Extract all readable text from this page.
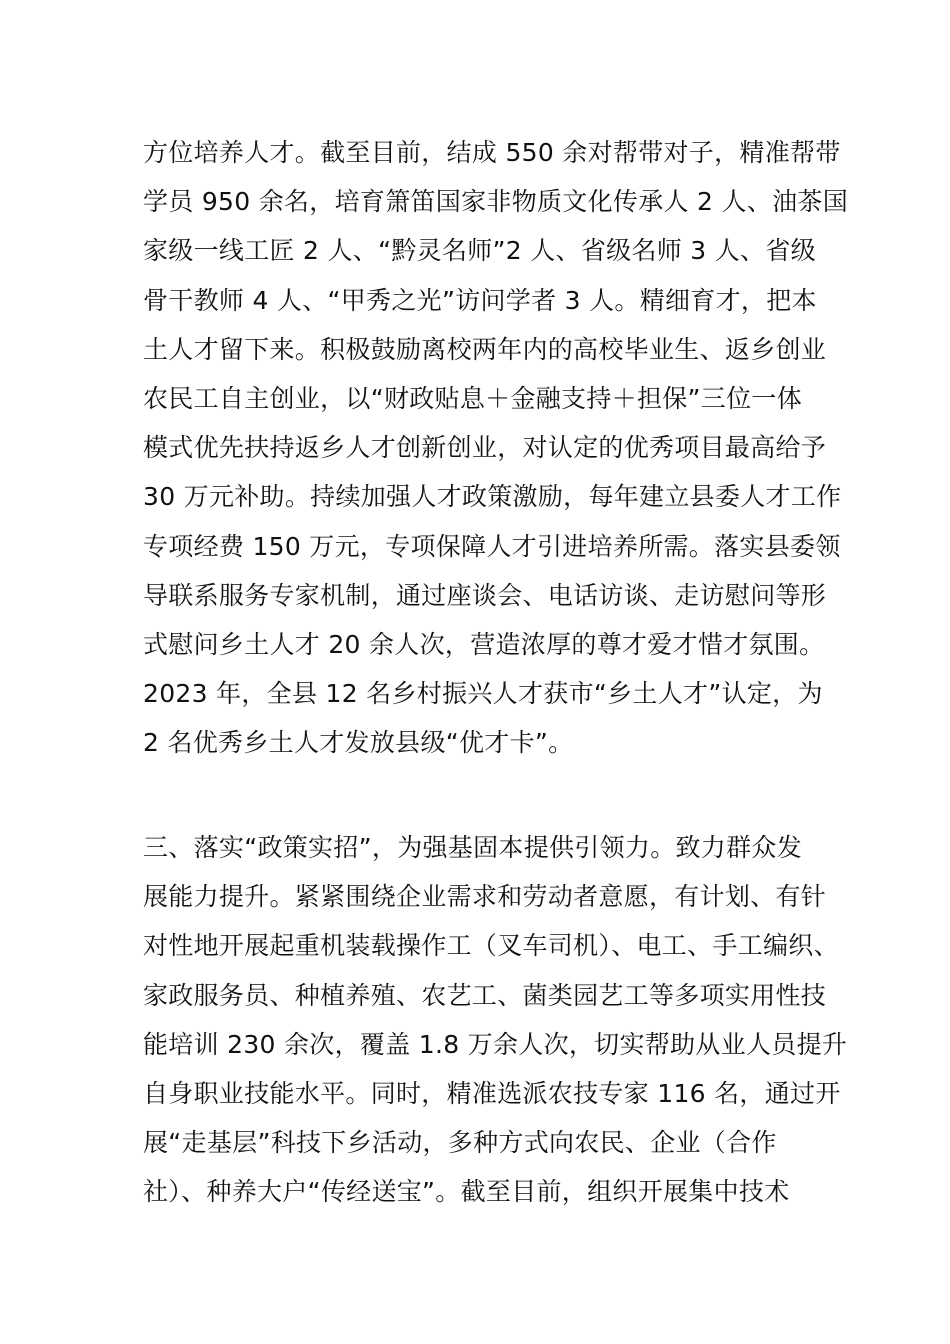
方位培养人才。截至目前，结成 550 余对帮带对子，精准帮带
学员 950 余名，培育箫笛国家非物质文化传承人 2 人、油茶国
家级一线工匠 2 人、“黔灵名师”2 人、省级名师 3 人、省级
骨干教师 4 人、“甲秀之光”访问学者 3 人。精细育才，把本
土人才留下来。积极鼓励离校两年内的高校毕业生、返乡创业
农民工自主创业，以“财政贴息＋金融支持＋担保”三位一体
模式优先扶持返乡人才创新创业，对认定的优秀项目最高给予
30 万元补助。持续加强人才政策激励，每年建立县委人才工作
专项经费 150 万元，专项保障人才引进培养所需。落实县委领
导联系服务专家机制，通过座谈会、电话访谈、走访慰问等形
式慰问乡土人才 20 余人次，营造浓厚的尊才爱才惜才氛围。
2023 年，全县 12 名乡村振兴人才获市“乡土人才”认定，为
2 名优秀乡土人才发放县级“优才卡”。
三、落实“政策实招”，为强基固本提供引领力。致力群众发
展能力提升。紧紧围绕企业需求和劳动者意愿，有计划、有针
对性地开展起重机装载操作工（叉车司机）、电工、手工编织、
家政服务员、种植养殖、农艺工、菌类园艺工等多项实用性技
能培训 230 余次，覆盖 1.8 万余人次，切实帮助从业人员提升
自身职业技能水平。同时，精准选派农技专家 116 名，通过开
展“走基层”科技下乡活动，多种方式向农民、企业（合作
社）、种养大户“传经送宝”。截至目前，组织开展集中技术
